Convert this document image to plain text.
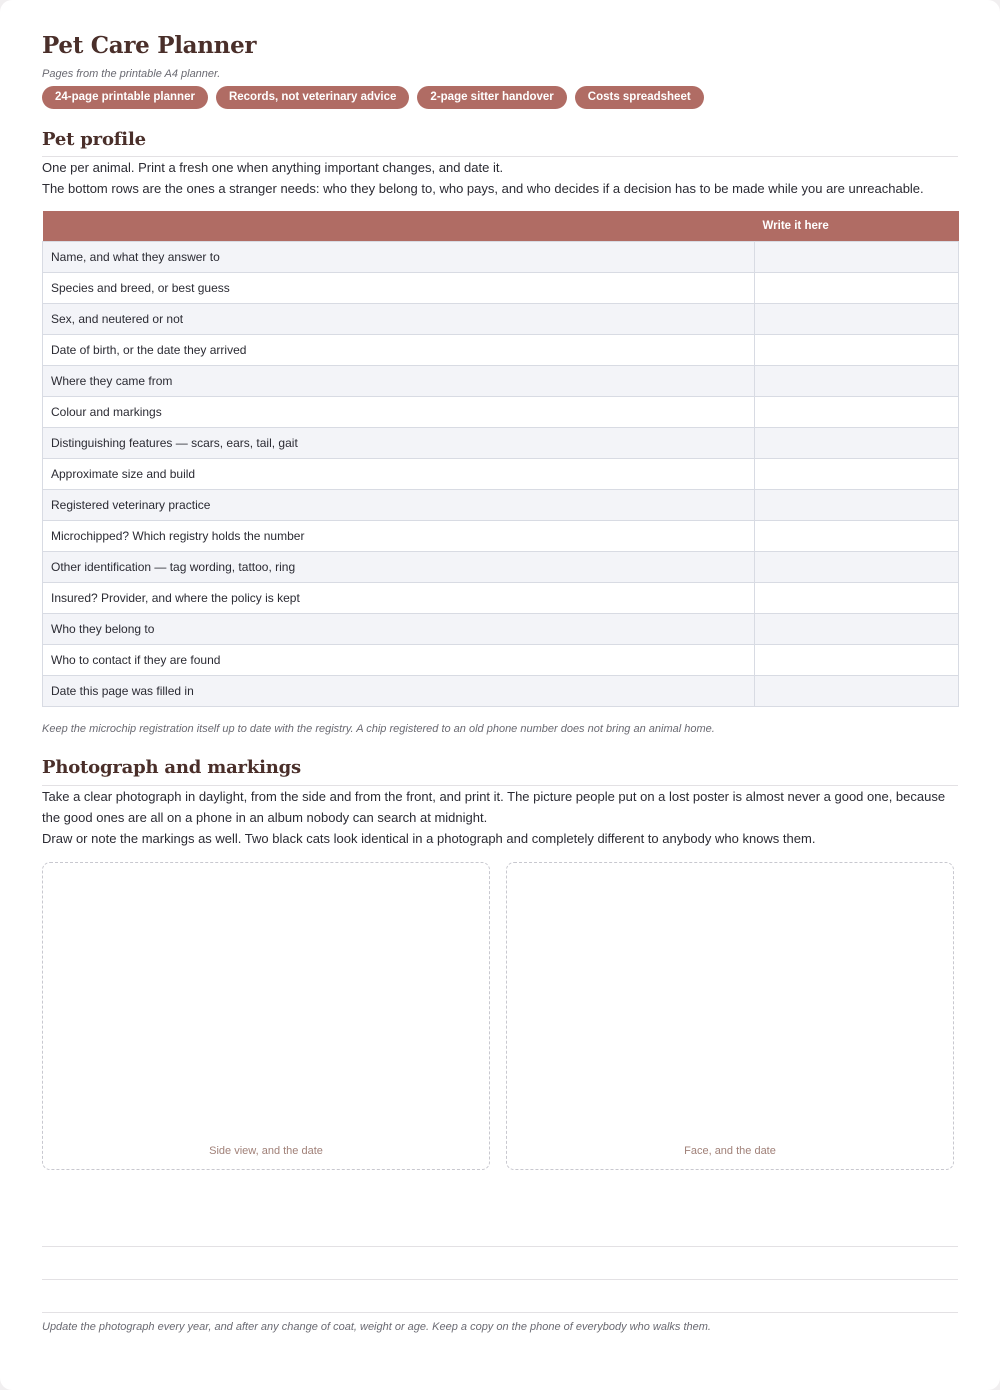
Pet Care Planner
Pages from the printable A4 planner.
24-page printable planner	Records, not veterinary advice	2-page sitter handover	Costs spreadsheet
Pet profile

One per animal. Print a fresh one when anything important changes, and date it.

The bottom rows are the ones a stranger needs: who they belong to, who pays, and who decides if a decision has to be made while you are unreachable.

	Write it here
Name, and what they answer to	
Species and breed, or best guess	
Sex, and neutered or not	
Date of birth, or the date they arrived	
Where they came from	
Colour and markings	
Distinguishing features — scars, ears, tail, gait	
Approximate size and build	
Registered veterinary practice	
Microchipped? Which registry holds the number	
Other identification — tag wording, tattoo, ring	
Insured? Provider, and where the policy is kept	
Who they belong to	
Who to contact if they are found	
Date this page was filled in	
Keep the microchip registration itself up to date with the registry. A chip registered to an old phone number does not bring an animal home.
Photograph and markings

Take a clear photograph in daylight, from the side and from the front, and print it. The picture people put on a lost poster is almost never a good one, because the good ones are all on a phone in an album nobody can search at midnight.

Draw or note the markings as well. Two black cats look identical in a photograph and completely different to anybody who knows them.

Side view, and the date	Face, and the date
Update the photograph every year, and after any change of coat, weight or age. Keep a copy on the phone of everybody who walks them.
